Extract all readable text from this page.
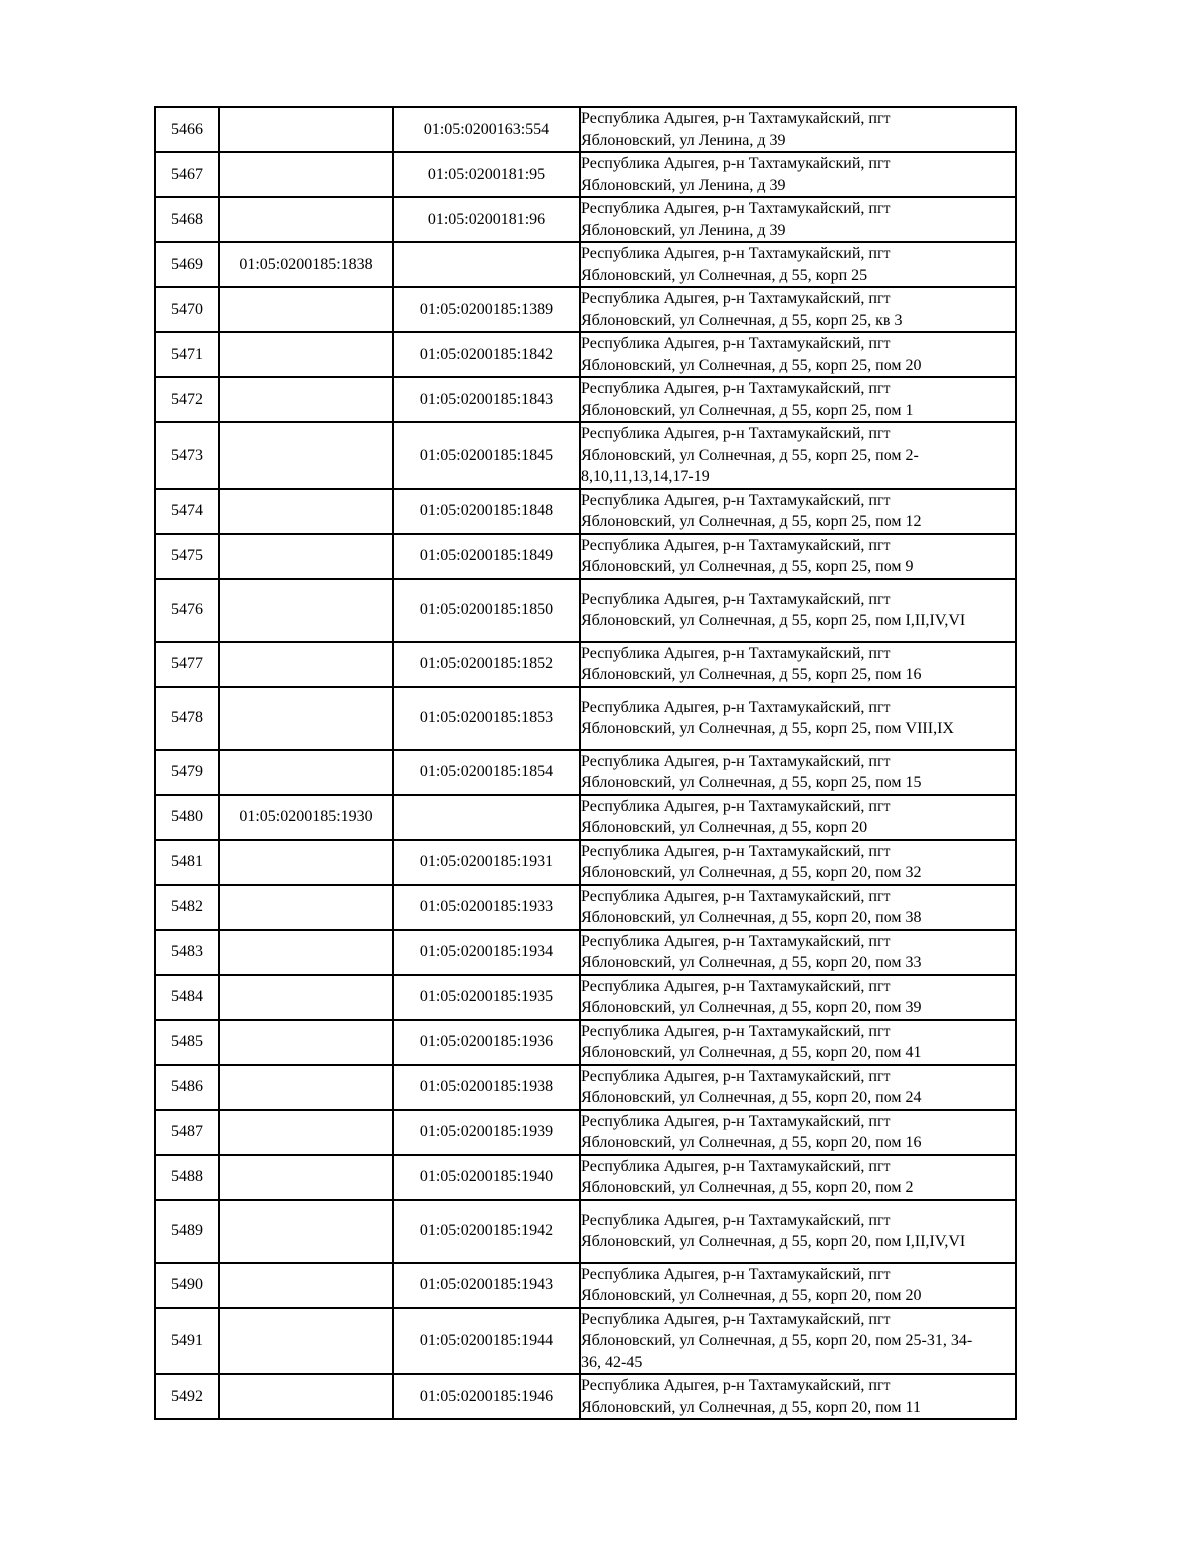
5466		01:05:0200163:554	Республика Адыгея, р-н Тахтамукайский, пгт
Яблоновский, ул Ленина, д 39
5467		01:05:0200181:95	Республика Адыгея, р-н Тахтамукайский, пгт
Яблоновский, ул Ленина, д 39
5468		01:05:0200181:96	Республика Адыгея, р-н Тахтамукайский, пгт
Яблоновский, ул Ленина, д 39
5469	01:05:0200185:1838		Республика Адыгея, р-н Тахтамукайский, пгт
Яблоновский, ул Солнечная, д 55, корп 25
5470		01:05:0200185:1389	Республика Адыгея, р-н Тахтамукайский, пгт
Яблоновский, ул Солнечная, д 55, корп 25, кв 3
5471		01:05:0200185:1842	Республика Адыгея, р-н Тахтамукайский, пгт
Яблоновский, ул Солнечная, д 55, корп 25, пом 20
5472		01:05:0200185:1843	Республика Адыгея, р-н Тахтамукайский, пгт
Яблоновский, ул Солнечная, д 55, корп 25, пом 1
5473		01:05:0200185:1845	Республика Адыгея, р-н Тахтамукайский, пгт
Яблоновский, ул Солнечная, д 55, корп 25, пом 2-
8,10,11,13,14,17-19
5474		01:05:0200185:1848	Республика Адыгея, р-н Тахтамукайский, пгт
Яблоновский, ул Солнечная, д 55, корп 25, пом 12
5475		01:05:0200185:1849	Республика Адыгея, р-н Тахтамукайский, пгт
Яблоновский, ул Солнечная, д 55, корп 25, пом 9
5476		01:05:0200185:1850	Республика Адыгея, р-н Тахтамукайский, пгт
Яблоновский, ул Солнечная, д 55, корп 25, пом I,II,IV,VI
5477		01:05:0200185:1852	Республика Адыгея, р-н Тахтамукайский, пгт
Яблоновский, ул Солнечная, д 55, корп 25, пом 16
5478		01:05:0200185:1853	Республика Адыгея, р-н Тахтамукайский, пгт
Яблоновский, ул Солнечная, д 55, корп 25, пом VIII,IX
5479		01:05:0200185:1854	Республика Адыгея, р-н Тахтамукайский, пгт
Яблоновский, ул Солнечная, д 55, корп 25, пом 15
5480	01:05:0200185:1930		Республика Адыгея, р-н Тахтамукайский, пгт
Яблоновский, ул Солнечная, д 55, корп 20
5481		01:05:0200185:1931	Республика Адыгея, р-н Тахтамукайский, пгт
Яблоновский, ул Солнечная, д 55, корп 20, пом 32
5482		01:05:0200185:1933	Республика Адыгея, р-н Тахтамукайский, пгт
Яблоновский, ул Солнечная, д 55, корп 20, пом 38
5483		01:05:0200185:1934	Республика Адыгея, р-н Тахтамукайский, пгт
Яблоновский, ул Солнечная, д 55, корп 20, пом 33
5484		01:05:0200185:1935	Республика Адыгея, р-н Тахтамукайский, пгт
Яблоновский, ул Солнечная, д 55, корп 20, пом 39
5485		01:05:0200185:1936	Республика Адыгея, р-н Тахтамукайский, пгт
Яблоновский, ул Солнечная, д 55, корп 20, пом 41
5486		01:05:0200185:1938	Республика Адыгея, р-н Тахтамукайский, пгт
Яблоновский, ул Солнечная, д 55, корп 20, пом 24
5487		01:05:0200185:1939	Республика Адыгея, р-н Тахтамукайский, пгт
Яблоновский, ул Солнечная, д 55, корп 20, пом 16
5488		01:05:0200185:1940	Республика Адыгея, р-н Тахтамукайский, пгт
Яблоновский, ул Солнечная, д 55, корп 20, пом 2
5489		01:05:0200185:1942	Республика Адыгея, р-н Тахтамукайский, пгт
Яблоновский, ул Солнечная, д 55, корп 20, пом I,II,IV,VI
5490		01:05:0200185:1943	Республика Адыгея, р-н Тахтамукайский, пгт
Яблоновский, ул Солнечная, д 55, корп 20, пом 20
5491		01:05:0200185:1944	Республика Адыгея, р-н Тахтамукайский, пгт
Яблоновский, ул Солнечная, д 55, корп 20, пом 25-31, 34-
36, 42-45
5492		01:05:0200185:1946	Республика Адыгея, р-н Тахтамукайский, пгт
Яблоновский, ул Солнечная, д 55, корп 20, пом 11
